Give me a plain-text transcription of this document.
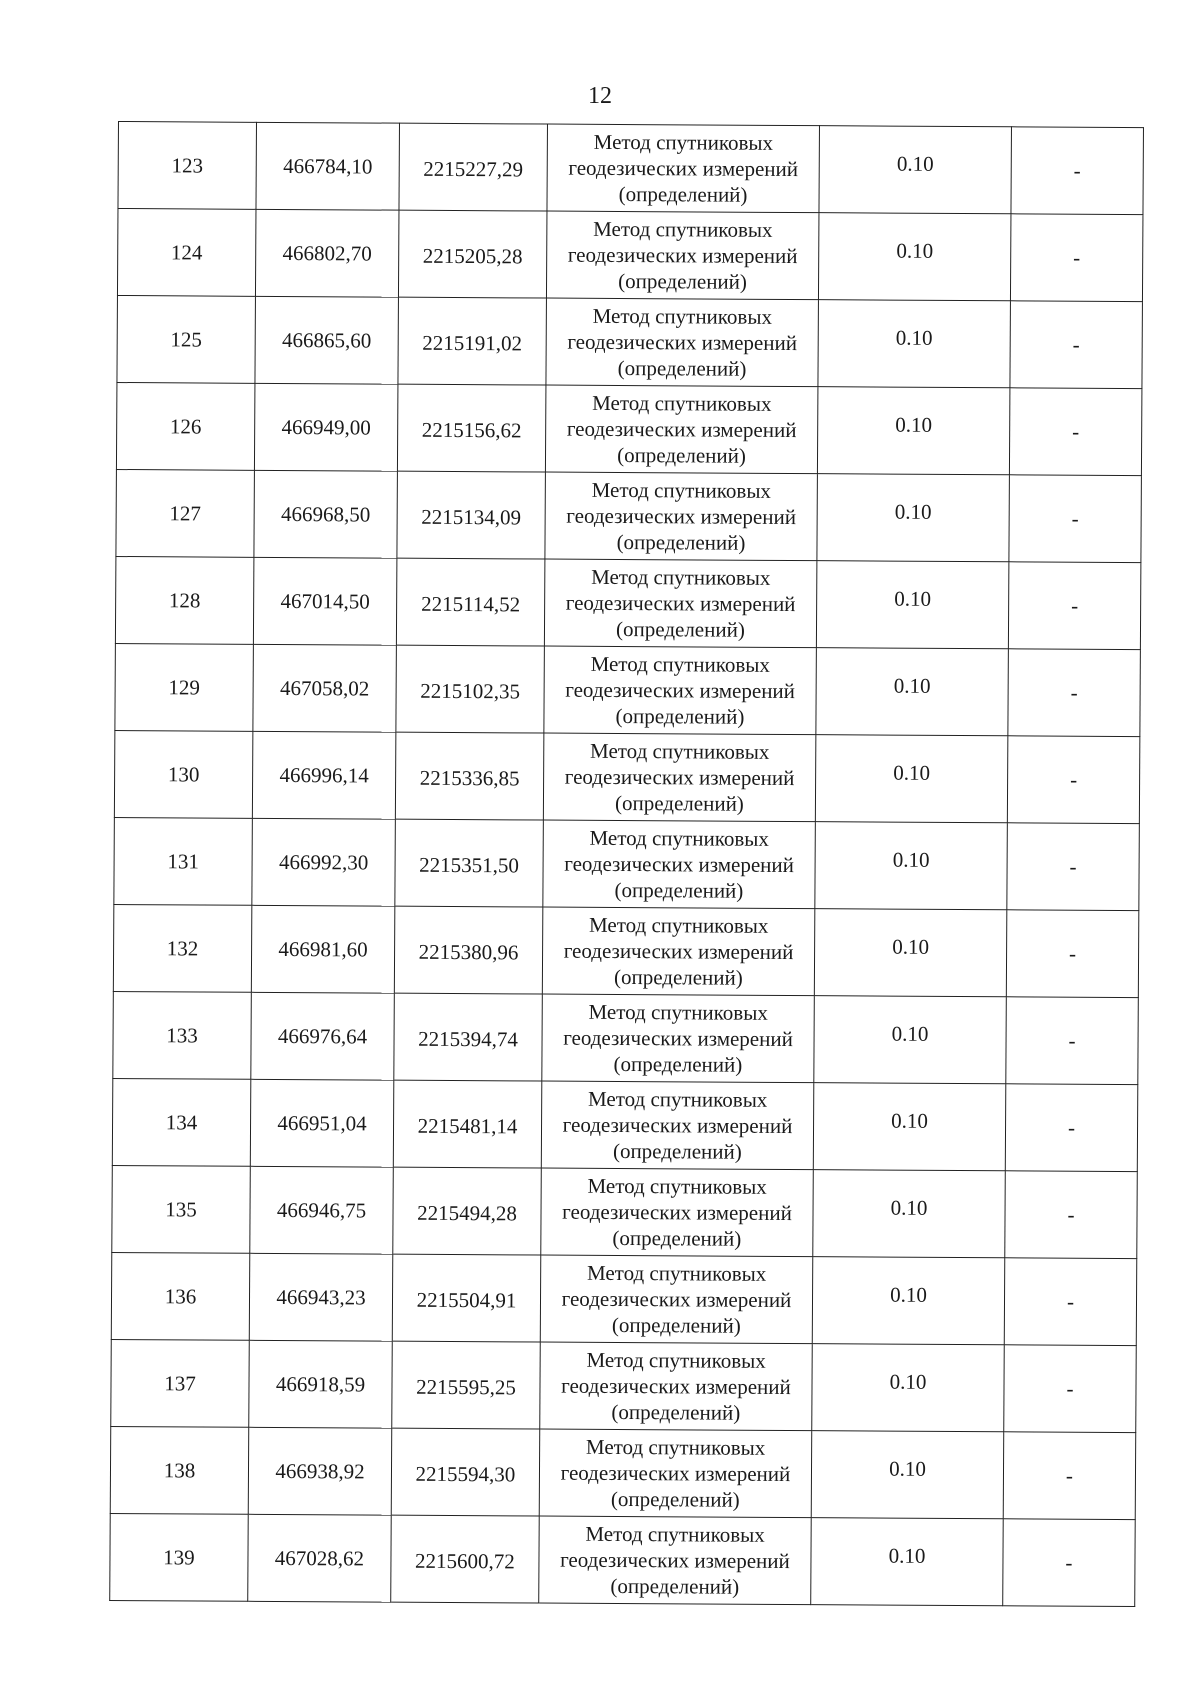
12
123	466784,10	2215227,29	Метод спутниковых геодезических измерений (определений)	0.10	-
124	466802,70	2215205,28	Метод спутниковых геодезических измерений (определений)	0.10	-
125	466865,60	2215191,02	Метод спутниковых геодезических измерений (определений)	0.10	-
126	466949,00	2215156,62	Метод спутниковых геодезических измерений (определений)	0.10	-
127	466968,50	2215134,09	Метод спутниковых геодезических измерений (определений)	0.10	-
128	467014,50	2215114,52	Метод спутниковых геодезических измерений (определений)	0.10	-
129	467058,02	2215102,35	Метод спутниковых геодезических измерений (определений)	0.10	-
130	466996,14	2215336,85	Метод спутниковых геодезических измерений (определений)	0.10	-
131	466992,30	2215351,50	Метод спутниковых геодезических измерений (определений)	0.10	-
132	466981,60	2215380,96	Метод спутниковых геодезических измерений (определений)	0.10	-
133	466976,64	2215394,74	Метод спутниковых геодезических измерений (определений)	0.10	-
134	466951,04	2215481,14	Метод спутниковых геодезических измерений (определений)	0.10	-
135	466946,75	2215494,28	Метод спутниковых геодезических измерений (определений)	0.10	-
136	466943,23	2215504,91	Метод спутниковых геодезических измерений (определений)	0.10	-
137	466918,59	2215595,25	Метод спутниковых геодезических измерений (определений)	0.10	-
138	466938,92	2215594,30	Метод спутниковых геодезических измерений (определений)	0.10	-
139	467028,62	2215600,72	Метод спутниковых геодезических измерений (определений)	0.10	-
